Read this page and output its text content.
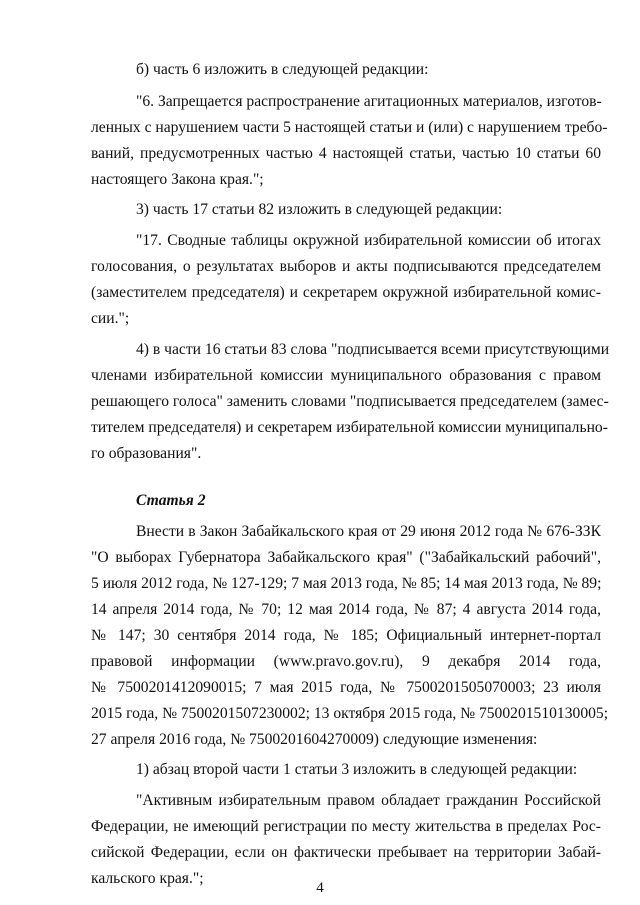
б) часть 6 изложить в следующей редакции:
"6. Запрещается распространение агитационных материалов, изготов-
ленных с нарушением части 5 настоящей статьи и (или) с нарушением требо-
ваний, предусмотренных частью 4 настоящей статьи, частью 10 статьи 60
настоящего Закона края.";
3) часть 17 статьи 82 изложить в следующей редакции:
"17. Сводные таблицы окружной избирательной комиссии об итогах
голосования, о результатах выборов и акты подписываются председателем
(заместителем председателя) и секретарем окружной избирательной комис-
сии.";
4) в части 16 статьи 83 слова "подписывается всеми присутствующими
членами избирательной комиссии муниципального образования с правом
решающего голоса" заменить словами "подписывается председателем (замес-
тителем председателя) и секретарем избирательной комиссии муниципально-
го образования".
Статья 2
Внести в Закон Забайкальского края от 29 июня 2012 года № 676-ЗЗК
"О выборах Губернатора Забайкальского края" ("Забайкальский рабочий",
5 июля 2012 года, № 127-129; 7 мая 2013 года, № 85; 14 мая 2013 года, № 89;
14 апреля 2014 года, № 70; 12 мая 2014 года, № 87; 4 августа 2014 года,
№ 147; 30 сентября 2014 года, № 185; Официальный интернет-портал
правовой информации (www.pravo.gov.ru), 9 декабря 2014 года,
№ 7500201412090015; 7 мая 2015 года, № 7500201505070003; 23 июля
2015 года, № 7500201507230002; 13 октября 2015 года, № 7500201510130005;
27 апреля 2016 года, № 7500201604270009) следующие изменения:
1) абзац второй части 1 статьи 3 изложить в следующей редакции:
"Активным избирательным правом обладает гражданин Российской
Федерации, не имеющий регистрации по месту жительства в пределах Рос-
сийской Федерации, если он фактически пребывает на территории Забай-
кальского края.";
4
